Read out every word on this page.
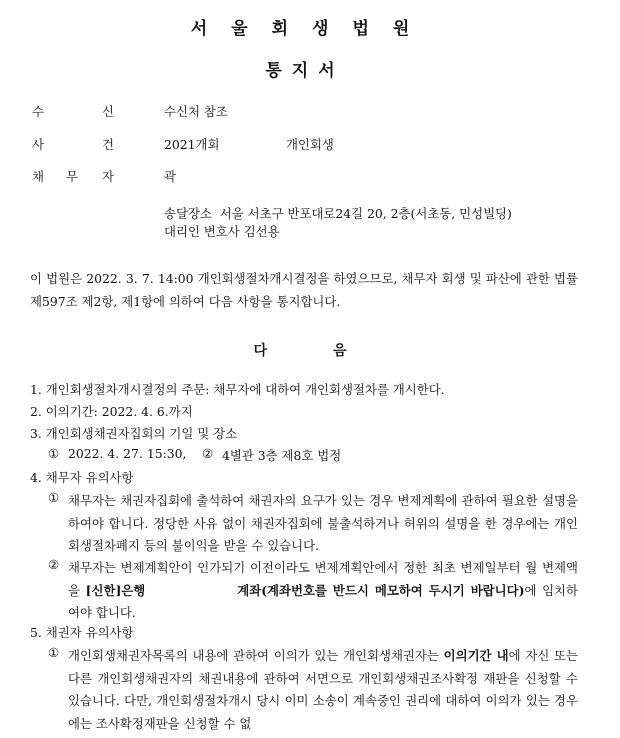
서 울 회 생 법 원
통 지 서
수	신	수신처 참조
사	건	2021개회	개인회생
채 무 자	곽
송달장소  서울 서초구 반포대로24길 20, 2층(서초동, 민성빌딩)
대리인 변호사 김선용
이 법원은 2022. 3. 7. 14:00 개인회생절차개시결정을 하였으므로, 채무자 회생 및 파산에 관한 법률 제597조 제2항, 제1항에 의하여 다음 사항을 통지합니다.
다	음
1. 개인회생절차개시결정의 주문: 채무자에 대하여 개인회생절차를 개시한다.
2. 이의기간: 2022. 4. 6.까지
3. 개인회생채권자집회의 기일 및 장소
① 2022. 4. 27. 15:30, ② 4별관 3층 제8호 법정
4. 채무자 유의사항
① 채무자는 채권자집회에 출석하여 채권자의 요구가 있는 경우 변제계획에 관하여 필요한 설명을 하여야 합니다. 정당한 사유 없이 채권자집회에 불출석하거나 허위의 설명을 한 경우에는 개인회생절차폐지 등의 불이익을 받을 수 있습니다.
② 채무자는 변제계획안이 인가되기 이전이라도 변제계획안에서 정한 최초 변제일부터 월 변제액을 [신한]은행	계좌(계좌번호를 반드시 메모하여 두시기 바랍니다)에 임치하여야 합니다.
5. 채권자 유의사항
① 개인회생채권자목록의 내용에 관하여 이의가 있는 개인회생채권자는 이의기간 내에 자신 또는 다른 개인회생채권자의 채권내용에 관하여 서면으로 개인회생채권조사확정 재판을 신청할 수 있습니다. 다만, 개인회생절차개시 당시 이미 소송이 계속중인 권리에 대하여 이의가 있는 경우에는 조사확정재판을 신청할 수 없
